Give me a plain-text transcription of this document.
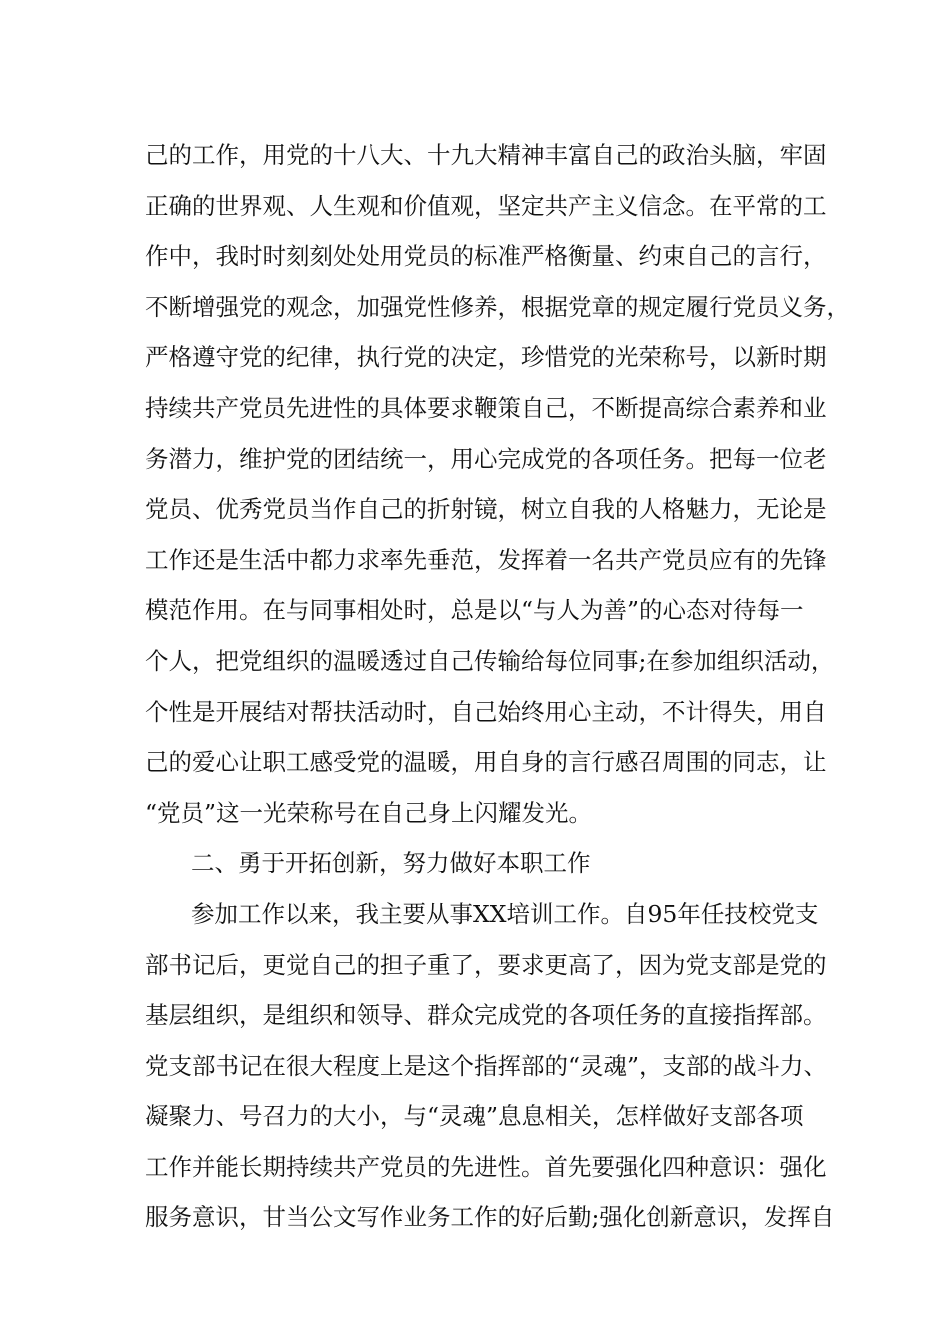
己的工作，用党的十八大、十九大精神丰富自己的政治头脑，牢固
正确的世界观、人生观和价值观，坚定共产主义信念。在平常的工
作中，我时时刻刻处处用党员的标准严格衡量、约束自己的言行，
不断增强党的观念，加强党性修养，根据党章的规定履行党员义务，
严格遵守党的纪律，执行党的决定，珍惜党的光荣称号，以新时期
持续共产党员先进性的具体要求鞭策自己，不断提高综合素养和业
务潜力，维护党的团结统一，用心完成党的各项任务。把每一位老
党员、优秀党员当作自己的折射镜，树立自我的人格魅力，无论是
工作还是生活中都力求率先垂范，发挥着一名共产党员应有的先锋
模范作用。在与同事相处时，总是以“与人为善”的心态对待每一
个人，把党组织的温暖透过自己传输给每位同事;在参加组织活动，
个性是开展结对帮扶活动时，自己始终用心主动，不计得失，用自
己的爱心让职工感受党的温暖，用自身的言行感召周围的同志，让
“党员”这一光荣称号在自己身上闪耀发光。
二、勇于开拓创新，努力做好本职工作
参加工作以来，我主要从事XX培训工作。自95年任技校党支
部书记后，更觉自己的担子重了，要求更高了，因为党支部是党的
基层组织，是组织和领导、群众完成党的各项任务的直接指挥部。
党支部书记在很大程度上是这个指挥部的“灵魂”，支部的战斗力、
凝聚力、号召力的大小，与“灵魂”息息相关，怎样做好支部各项
工作并能长期持续共产党员的先进性。首先要强化四种意识：强化
服务意识，甘当公文写作业务工作的好后勤;强化创新意识，发挥自
